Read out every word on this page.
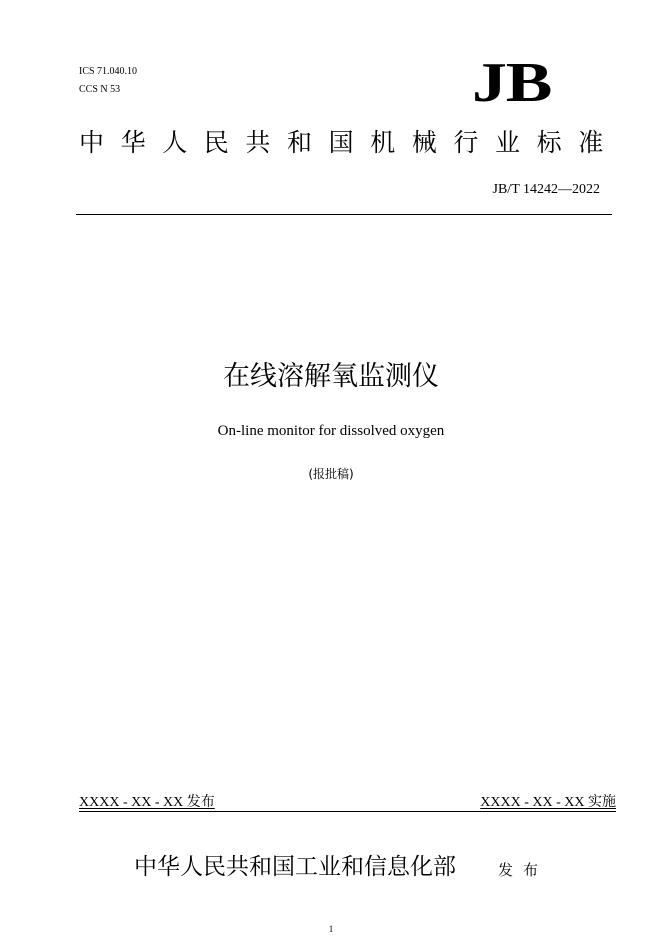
ICS 71.040.10
CCS N 53	JB
中华人民共和国机械行业标准
JB/T 14242—2022
在线溶解氧监测仪
On-line monitor for dissolved oxygen
(报批稿)
XXXX - XX - XX 发布	XXXX - XX - XX 实施
中华人民共和国工业和信息化部	发布
1
